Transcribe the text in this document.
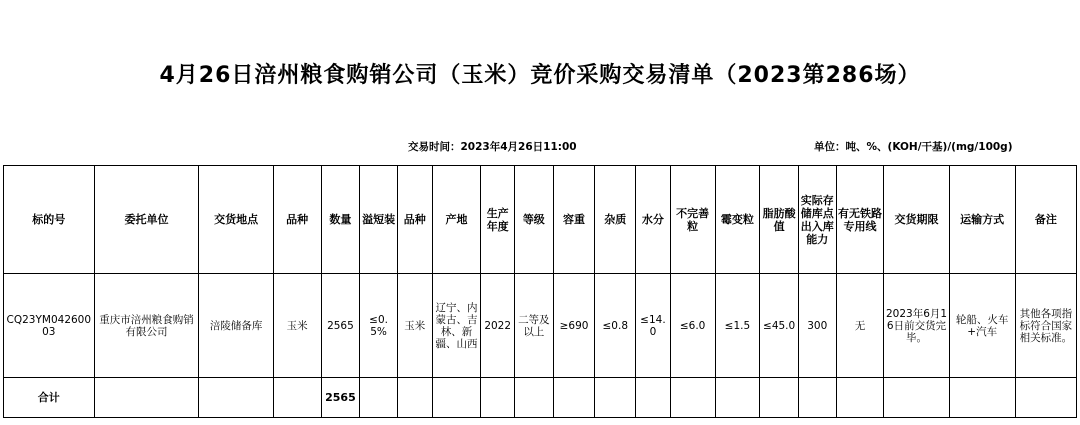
4月26日涪州粮食购销公司（玉米）竞价采购交易清单（2023第286场）
交易时间：2023年4月26日11:00	单位：吨、%、(KOH/干基)/(mg/100g)
标的号	委托单位	交货地点	品种	数量	溢短装	品种	产地	生产年度	等级	容重	杂质	水分	不完善粒	霉变粒	脂肪酸值	实际存储库点出入库能力	有无铁路专用线	交货期限	运输方式	备注
CQ23YM04260003	重庆市涪州粮食购销有限公司	涪陵储备库	玉米	2565	≤0.5%	玉米	辽宁、内蒙古、吉林、新疆、山西	2022	二等及以上	≥690	≤0.8	≤14.0	≤6.0	≤1.5	≤45.0	300	无	2023年6月16日前交货完毕。	轮船、火车+汽车	其他各项指标符合国家相关标准。
合计				2565																
